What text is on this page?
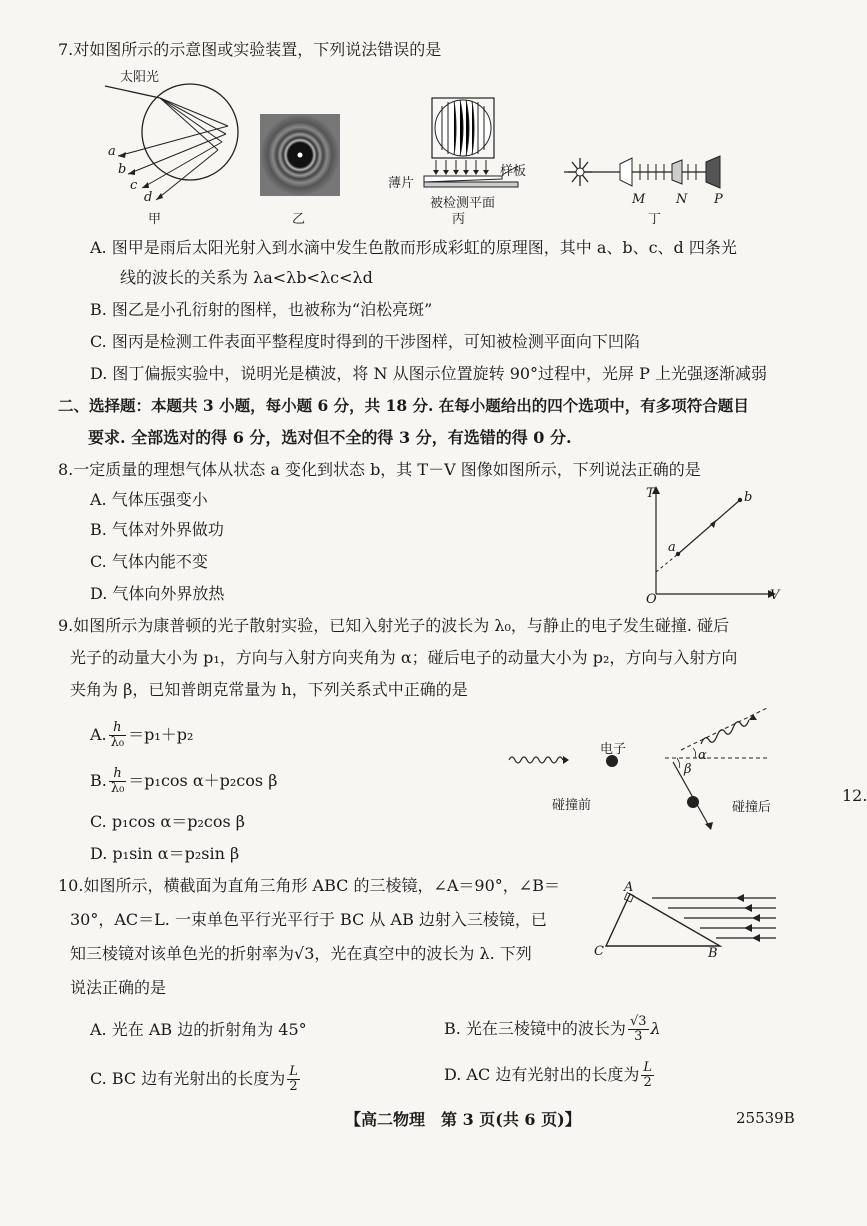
7.对如图所示的示意图或实验装置，下列说法错误的是
太阳光
a
b
c
d
甲	乙
薄片
样板
被检测平面
丙
M N P
丁
A. 图甲是雨后太阳光射入到水滴中发生色散而形成彩虹的原理图，其中 a、b、c、d 四条光
线的波长的关系为 λa<λb<λc<λd
B. 图乙是小孔衍射的图样，也被称为“泊松亮斑”
C. 图丙是检测工件表面平整程度时得到的干涉图样，可知被检测平面向下凹陷
D. 图丁偏振实验中，说明光是横波，将 N 从图示位置旋转 90°过程中，光屏 P 上光强逐渐减弱
二、选择题：本题共 3 小题，每小题 6 分，共 18 分. 在每小题给出的四个选项中，有多项符合题目
要求. 全部选对的得 6 分，选对但不全的得 3 分，有选错的得 0 分.
8.一定质量的理想气体从状态 a 变化到状态 b，其 T－V 图像如图所示，下列说法正确的是
A. 气体压强变小
B. 气体对外界做功
C. 气体内能不变
D. 气体向外界放热
T
V
O
a
b
9.如图所示为康普顿的光子散射实验，已知入射光子的波长为 λ₀，与静止的电子发生碰撞. 碰后
光子的动量大小为 p₁，方向与入射方向夹角为 α；碰后电子的动量大小为 p₂，方向与入射方向
夹角为 β，已知普朗克常量为 h，下列关系式中正确的是
A. $\frac{h}{\text{λ₀}} =p_1+p_2$
B. $\frac{h}{\text{λ₀}} =p_1\cos$ α＋p₂cos β
C. p₁cos α＝p₂cos β
D. p₁sin α＝p₂sin β
电子
碰撞前	碰撞后
α
β
12.
10.如图所示，横截面为直角三角形 ABC 的三棱镜，∠A＝90°，∠B＝
30°，AC＝L. 一束单色平行光平行于 BC 从 AB 边射入三棱镜，已
知三棱镜对该单色光的折射率为√3，光在真空中的波长为 λ. 下列
说法正确的是
A
C	B
A. 光在 AB 边的折射角为 45°	B. 光在三棱镜中的波长为 $\frac{√3}{3}$ λ
C. BC 边有光射出的长度为 $\frac{L}{2}$	D. AC 边有光射出的长度为 $\frac{L}{2}$
【高二物理　第 3 页(共 6 页)】	25539B
